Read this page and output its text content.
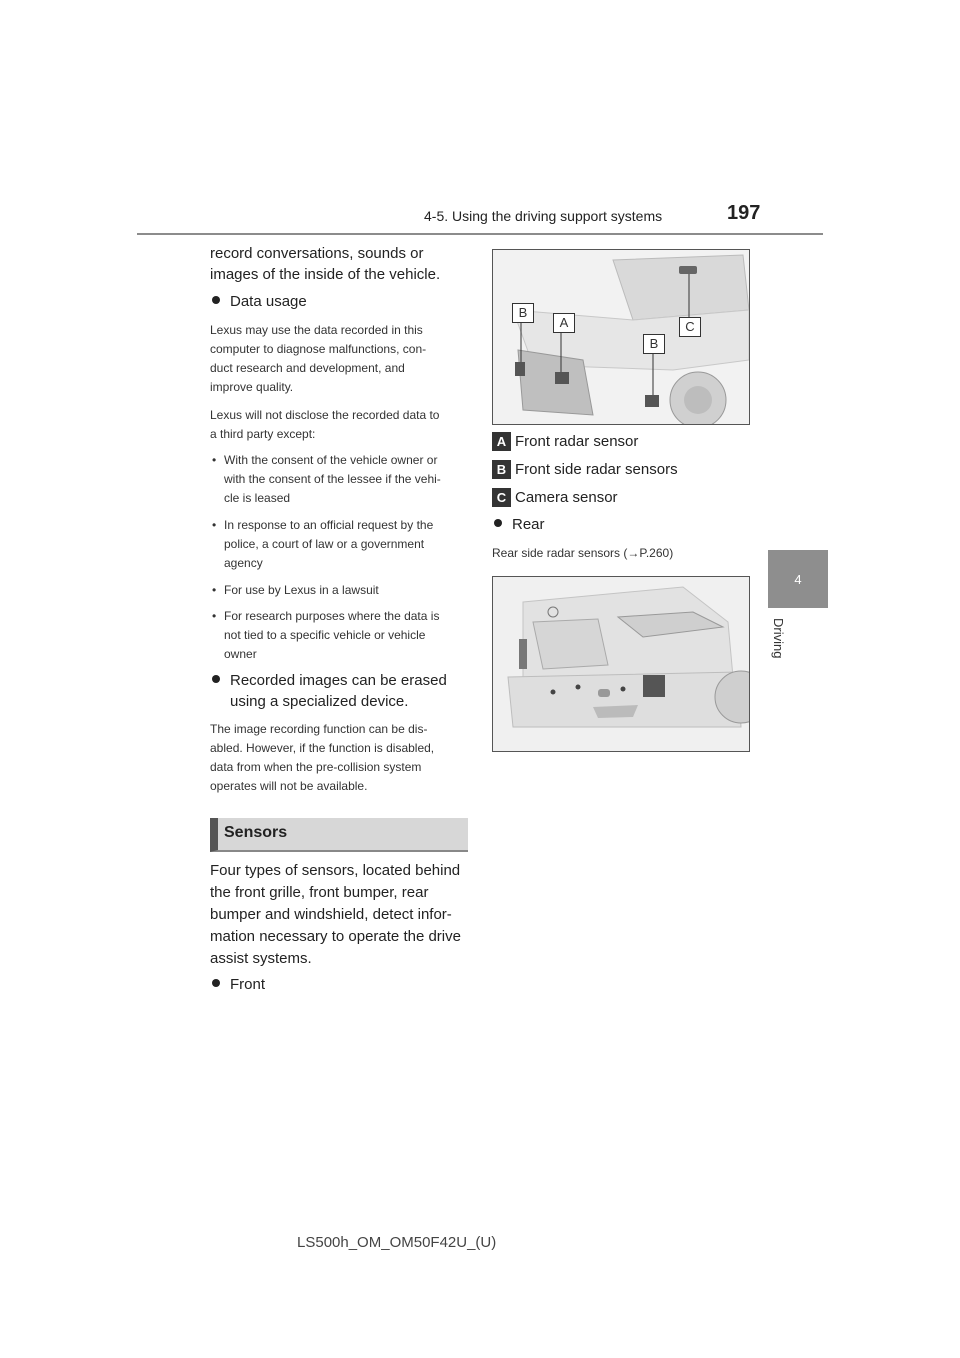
4-5. Using the driving support systems	197
4
Driving
record conversations, sounds or
images of the inside of the vehicle.
Data usage
Lexus may use the data recorded in this
computer to diagnose malfunctions, con-
duct research and development, and
improve quality.
Lexus will not disclose the recorded data to
a third party except:
• With the consent of the vehicle owner or
with the consent of the lessee if the vehi-
cle is leased
• In response to an official request by the
police, a court of law or a government
agency
• For use by Lexus in a lawsuit
• For research purposes where the data is
not tied to a specific vehicle or vehicle
owner
Recorded images can be erased
using a specialized device.
The image recording function can be dis-
abled. However, if the function is disabled,
data from when the pre-collision system
operates will not be available.
Sensors
Four types of sensors, located behind
the front grille, front bumper, rear
bumper and windshield, detect infor-
mation necessary to operate the drive
assist systems.
Front
B
A	C
B
A Front radar sensor
B Front side radar sensors
C Camera sensor
Rear
Rear side radar sensors (→P.260)
LS500h_OM_OM50F42U_(U)
